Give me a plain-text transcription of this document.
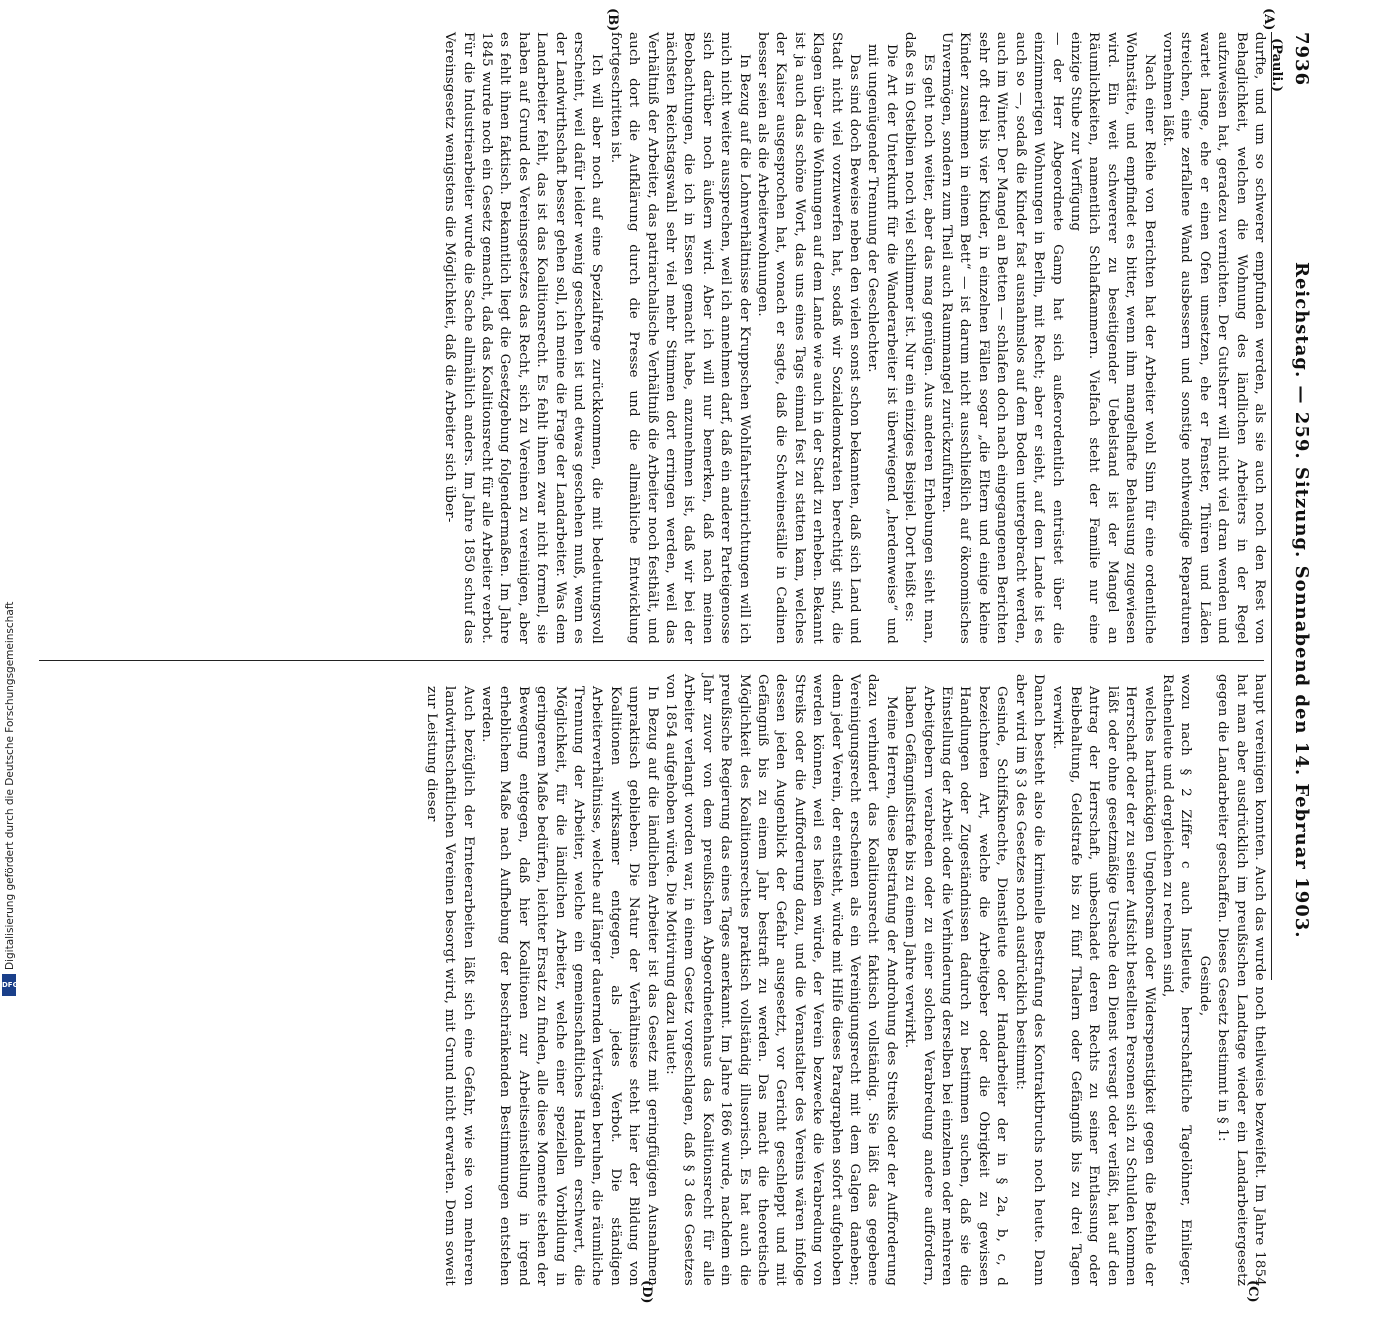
7936
Reichstag. — 259. Sitzung. Sonnabend den 14. Februar 1903.
(Pauli.)
(A)
(B)
(C)
(D)

durfte, und um so schwerer empfunden werden, als sie auch noch den Rest von Behaglichkeit, welchen die Wohnung des ländlichen Arbeiters in der Regel aufzuweisen hat, geradezu vernichten. Der Gutsherr will nicht viel dran wenden und wartet lange, ehe er einen Ofen umsetzen, ehe er Fenster, Thüren und Läden streichen, eine zerfallene Wand ausbessern und sonstige nothwendige Reparaturen vornehmen läßt.

Nach einer Reihe von Berichten hat der Arbeiter wohl Sinn für eine ordentliche Wohnstätte, und empfindet es bitter, wenn ihm mangelhafte Behausung zugewiesen wird. Ein weit schwererer zu beseitigender Uebelstand ist der Mangel an Räumlichkeiten, namentlich Schlafkammern. Vielfach steht der Familie nur eine einzige Stube zur Verfügung

— der Herr Abgeordnete Gamp hat sich außerordentlich entrüstet über die einzimmerigen Wohnungen in Berlin, mit Recht; aber er sieht, auf dem Lande ist es auch so —, sodaß die Kinder fast ausnahmslos auf dem Boden untergebracht werden, auch im Winter. Der Mangel an Betten — schlafen doch nach eingegangenen Berichten sehr oft drei bis vier Kinder, in einzelnen Fällen sogar „die Eltern und einige kleine Kinder zusammen in einem Bett“ — ist darum nicht ausschließlich auf ökonomisches Unvermögen, sondern zum Theil auch Raummangel zurückzuführen.

Es geht noch weiter, aber das mag genügen. Aus anderen Erhebungen sieht man, daß es in Ostelbien noch viel schlimmer ist. Nur ein einziges Beispiel. Dort heißt es:

Die Art der Unterkunft für die Wanderarbeiter ist überwiegend „herdenweise“ und mit ungenügender Trennung der Geschlechter.

Das sind doch Beweise neben den vielen sonst schon bekannten, daß sich Land und Stadt nicht viel vorzuwerfen hat, sodaß wir Sozialdemokraten berechtigt sind, die Klagen über die Wohnungen auf dem Lande wie auch in der Stadt zu erheben. Bekannt ist ja auch das schöne Wort, das uns eines Tags einmal fest zu statten kam, welches der Kaiser ausgesprochen hat, wonach er sagte, daß die Schweineställe in Cadinen besser seien als die Arbeiterwohnungen.

In Bezug auf die Lohnverhältnisse der Kruppschen Wohlfahrtseinrichtungen will ich mich nicht weiter aussprechen, weil ich annehmen darf, daß ein anderer Parteigenosse sich darüber noch äußern wird. Aber ich will nur bemerken, daß nach meinen Beobachtungen, die ich in Essen gemacht habe, anzunehmen ist, daß wir bei der nächsten Reichstagswahl sehr viel mehr Stimmen dort erringen werden, weil das Verhältniß der Arbeiter, das patriarchalische Verhältniß die Arbeiter noch festhält, und auch dort die Aufklärung durch die Presse und die allmähliche Entwicklung fortgeschritten ist.

Ich will aber noch auf eine Spezialfrage zurückkommen, die mit bedeutungsvoll erscheint, weil dafür leider wenig geschehen ist und etwas geschehen muß, wenn es der Landwirthschaft besser gehen soll, ich meine die Frage der Landarbeiter. Was dem Landarbeiter fehlt, das ist das Koalitionsrecht. Es fehlt ihnen zwar nicht formell, sie haben auf Grund des Vereinsgesetzes das Recht, sich zu Vereinen zu vereinigen, aber es fehlt ihnen faktisch. Bekanntlich liegt die Gesetzgebung folgendermaßen. Im Jahre 1845 wurde noch ein Gesetz gemacht, daß das Koalitionsrecht für alle Arbeiter verbot. Für die Industriearbeiter wurde die Sache allmählich anders. Im Jahre 1850 schuf das Vereinsgesetz wenigstens die Möglichkeit, daß die Arbeiter sich über-

haupt vereinigen konnten. Auch das wurde noch theilweise bezweifelt. Im Jahre 1854 hat man aber ausdrücklich im preußischen Landtage wieder ein Landarbeitergesetz gegen die Landarbeiter geschaffen. Dieses Gesetz bestimmt in § 1:

Gesinde,

wozu nach § 2 Ziffer c auch Instleute, herrschaftliche Tagelöhner, Einlieger, Rathenleute und dergleichen zu rechnen sind,

welches hartnäckigen Ungehorsam oder Widerspenstigkeit gegen die Befehle der Herrschaft oder der zu seiner Aufsicht bestellten Personen sich zu Schulden kommen läßt oder ohne gesetzmäßige Ursache den Dienst versagt oder verläßt, hat auf den Antrag der Herrschaft, unbeschadet deren Rechts zu seiner Entlassung oder Beibehaltung, Geldstrafe bis zu fünf Thalern oder Gefängniß bis zu drei Tagen verwirkt.

Danach besteht also die kriminelle Bestrafung des Kontraktbruchs noch heute. Dann aber wird im § 3 des Gesetzes noch ausdrücklich bestimmt:

Gesinde, Schiffsknechte, Dienstleute oder Handarbeiter der in § 2a, b, c, d bezeichneten Art, welche die Arbeitgeber oder die Obrigkeit zu gewissen Handlungen oder Zugeständnissen dadurch zu bestimmen suchen, daß sie die Einstellung der Arbeit oder die Verhinderung derselben bei einzelnen oder mehreren Arbeitgebern verabreden oder zu einer solchen Verabredung andere auffordern, haben Gefängnißstrafe bis zu einem Jahre verwirkt.

Meine Herren, diese Bestrafung der Androhung des Streiks oder der Aufforderung dazu verhindert das Koalitionsrecht faktisch vollständig. Sie läßt das gegebene Vereinigungsrecht erscheinen als ein Vereinigungsrecht mit dem Galgen daneben; denn jeder Verein, der entsteht, würde mit Hilfe dieses Paragraphen sofort aufgehoben werden können, weil es heißen würde, der Verein bezwecke die Verabredung von Streiks oder die Aufforderung dazu, und die Veranstalter des Vereins wären infolge dessen jeden Augenblick der Gefahr ausgesetzt, vor Gericht geschleppt und mit Gefängniß bis zu einem Jahr bestraft zu werden. Das macht die theoretische Möglichkeit des Koalitionsrechtes praktisch vollständig illusorisch. Es hat auch die preußische Regierung das eines Tages anerkannt. Im Jahre 1866 wurde, nachdem ein Jahr zuvor von dem preußischen Abgeordnetenhaus das Koalitionsrecht für alle Arbeiter verlangt worden war, in einem Gesetz vorgeschlagen, daß § 3 des Gesetzes von 1854 aufgehoben würde. Die Motivirung dazu lautet:

In Bezug auf die ländlichen Arbeiter ist das Gesetz mit geringfügigen Ausnahmen unpraktisch geblieben. Die Natur der Verhältnisse steht hier der Bildung von Koalitionen wirksamer entgegen, als jedes Verbot. Die ständigen Arbeiterverhältnisse, welche auf länger dauernden Verträgen beruhen, die räumliche Trennung der Arbeiter, welche ein gemeinschaftliches Handeln erschwert, die Möglichkeit, für die ländlichen Arbeiter, welche einer speziellen Vorbildung in geringerem Maße bedürfen, leichter Ersatz zu finden, alle diese Momente stehen der Bewegung entgegen, daß hier Koalitionen zur Arbeitseinstellung in irgend erheblichem Maße nach Aufhebung der beschränkenden Bestimmungen entstehen werden.

Auch bezüglich der Ernteerarbeiten läßt sich eine Gefahr, wie sie von mehreren landwirthschaftlichen Vereinen besorgt wird, mit Grund nicht erwarten. Denn soweit zur Leistung dieser

Digitalisierung gefördert durch die Deutsche Forschungsgemeinschaft
DFG
